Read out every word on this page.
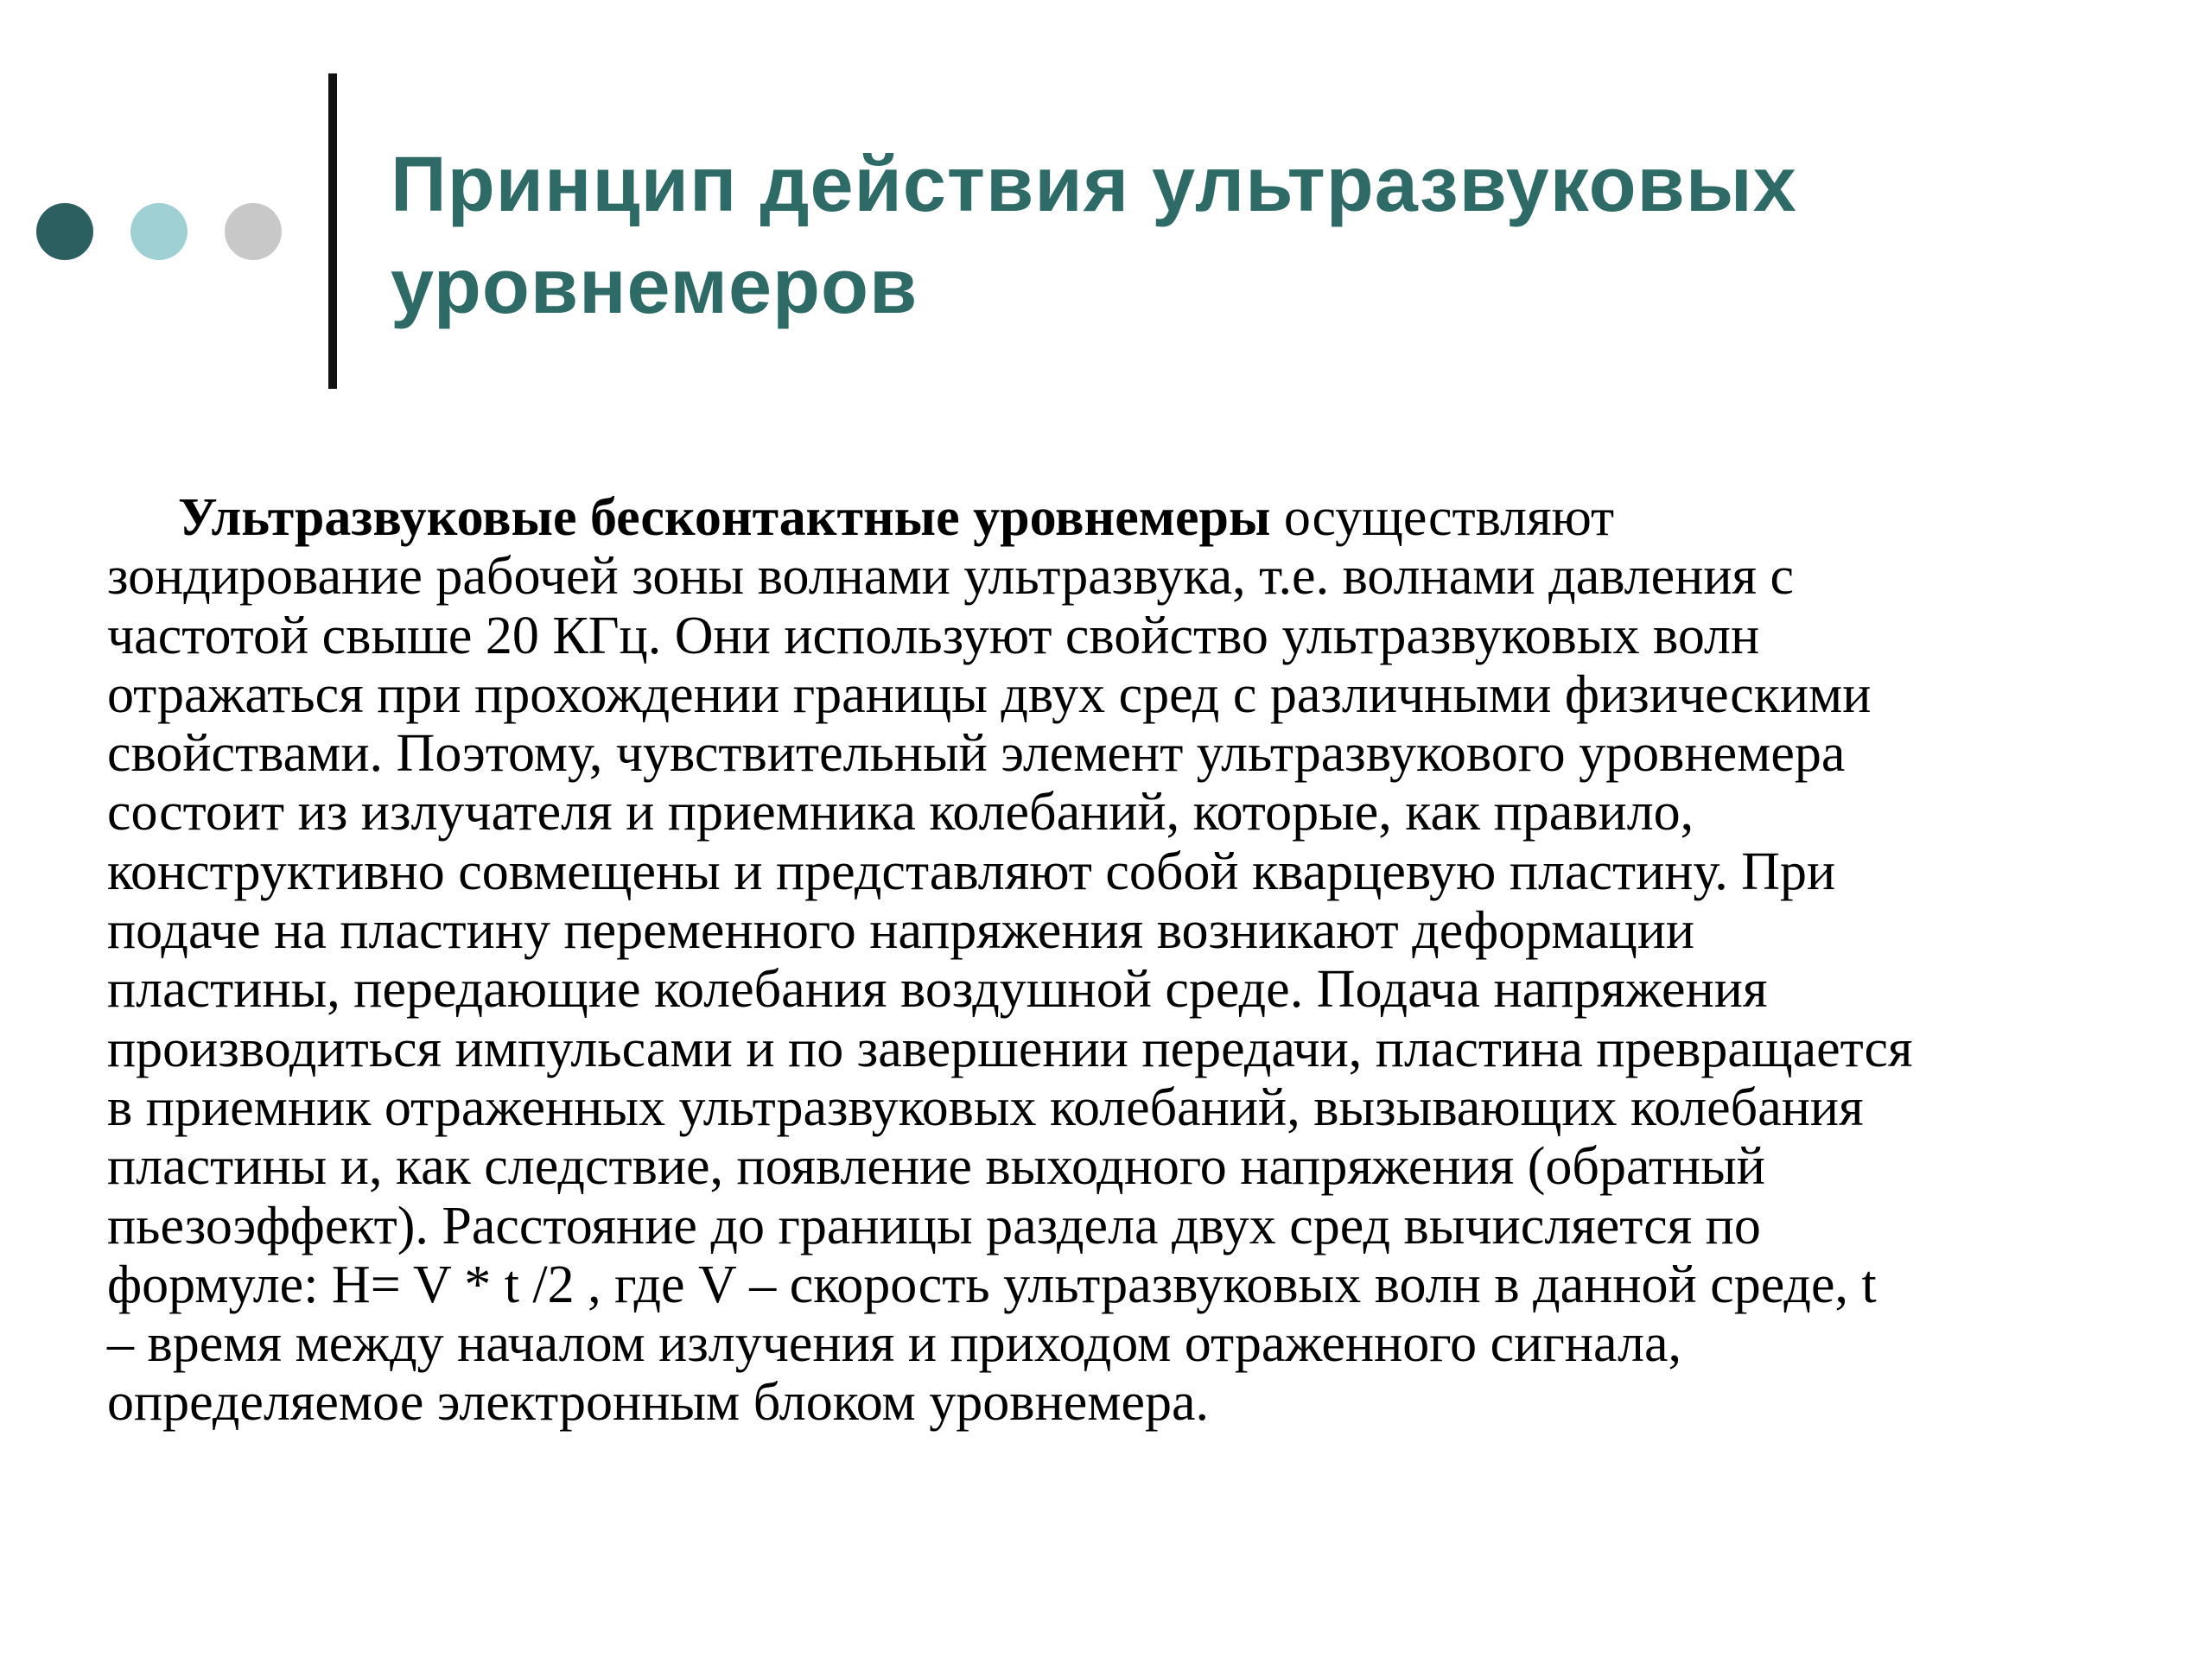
Принцип действия ультразвуковых уровнемеров

Ультразвуковые бесконтактные уровнемеры осуществляют
зондирование рабочей зоны волнами ультразвука, т.е. волнами давления с
частотой свыше 20 КГц. Они используют свойство ультразвуковых волн
отражаться при прохождении границы двух сред с различными физическими
свойствами. Поэтому, чувствительный элемент ультразвукового уровнемера
состоит из излучателя и приемника колебаний, которые, как правило,
конструктивно совмещены и представляют собой кварцевую пластину. При
подаче на пластину переменного напряжения возникают деформации
пластины, передающие колебания воздушной среде. Подача напряжения
производиться импульсами и по завершении передачи, пластина превращается
в приемник отраженных ультразвуковых колебаний, вызывающих колебания
пластины и, как следствие, появление выходного напряжения (обратный
пьезоэффект). Расстояние до границы раздела двух сред вычисляется по
формуле: H= V * t /2 , где V – скорость ультразвуковых волн в данной среде, t
– время между началом излучения и приходом отраженного сигнала,
определяемое электронным блоком уровнемера.
